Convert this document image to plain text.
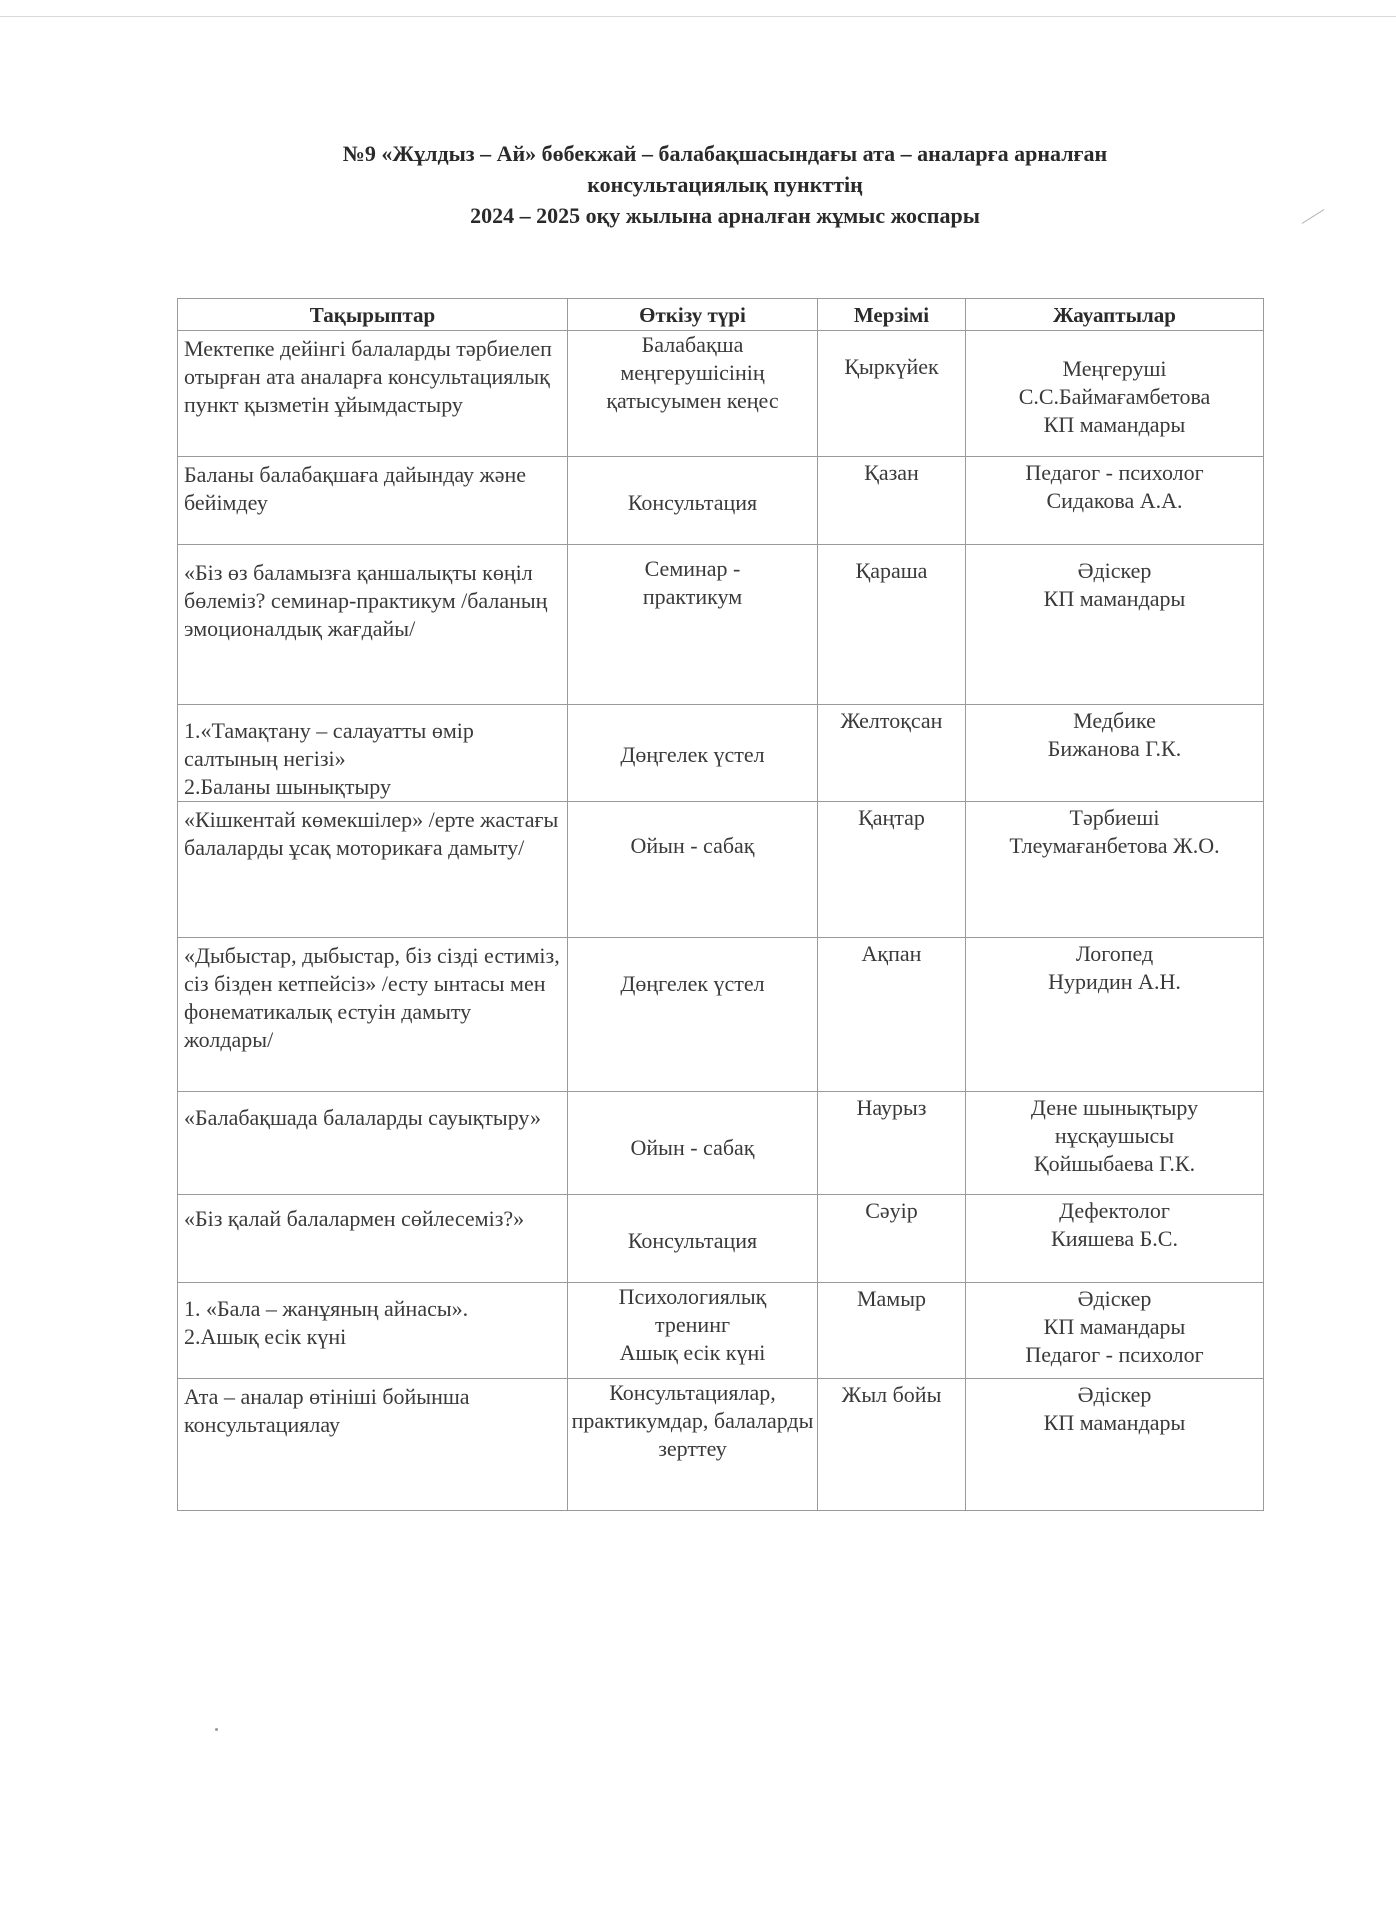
№9 «Жұлдыз – Ай» бөбекжай – балабақшасындағы ата – аналарға арналған
консультациялық пункттің
2024 – 2025 оқу жылына арналған жұмыс жоспары
Тақырыптар	Өткізу түрі	Мерзімі	Жауаптылар

Мектепке дейінгі балаларды тәрбиелеп отырған ата аналарға консультациялық пункт қызметін ұйымдастыру	Балабақша меңгерушісінің қатысуымен кеңес	Қыркүйек	Меңгеруші
С.С.Баймағамбетова
КП мамандары

Баланы балабақшаға дайындау және бейімдеу	Консультация	Қазан	Педагог - психолог
Сидакова А.А.

«Біз өз баламызға қаншалықты көңіл бөлеміз? семинар-практикум /баланың эмоционалдық жағдайы/	Семинар -
практикум	Қараша	Әдіскер
КП мамандары

1.«Тамақтану – салауатты өмір салтының негізі»
2.Баланы шынықтыру	Дөңгелек үстел	Желтоқсан	Медбике
Бижанова Г.К.

«Кішкентай көмекшілер» /ерте жастағы балаларды ұсақ моторикаға дамыту/	Ойын - сабақ	Қаңтар	Тәрбиеші
Тлеумағанбетова Ж.О.

«Дыбыстар, дыбыстар, біз сізді естиміз, сіз бізден кетпейсіз» /есту ынтасы мен фонематикалық естуін дамыту жолдары/	Дөңгелек үстел	Ақпан	Логопед
Нуридин А.Н.

«Балабақшада балаларды сауықтыру»	Ойын - сабақ	Наурыз	Дене шынықтыру
нұсқаушысы
Қойшыбаева Г.К.

«Біз қалай балалармен сөйлесеміз?»	Консультация	Сәуір	Дефектолог
Кияшева Б.С.

1. «Бала – жанұяның айнасы».
2.Ашық есік күні	Психологиялық
тренинг
Ашық есік күні	Мамыр	Әдіскер
КП мамандары
Педагог - психолог

Ата – аналар өтініші бойынша консультациялау	Консультациялар, практикумдар, балаларды зерттеу	Жыл бойы	Әдіскер
КП мамандары
